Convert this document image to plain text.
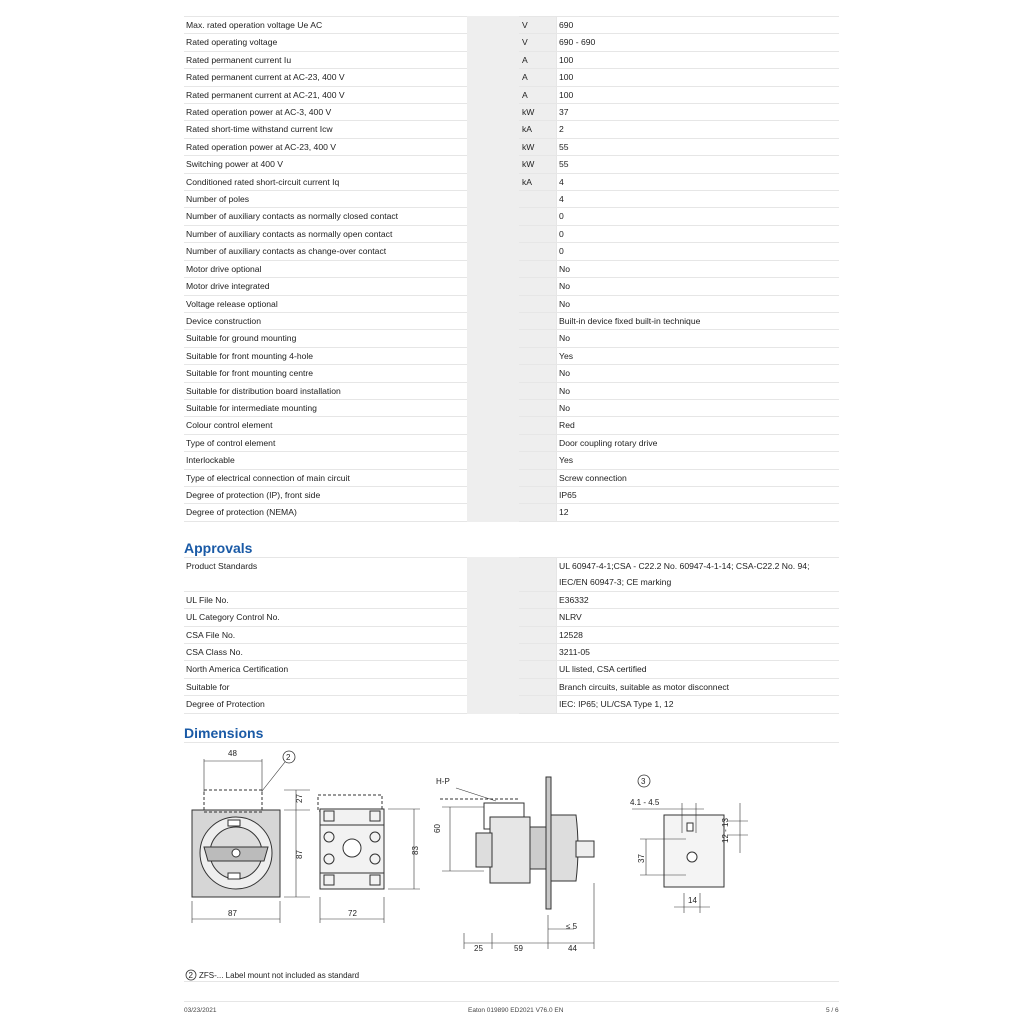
Max. rated operation voltage Ue AC	V	690
Rated operating voltage	V	690 - 690
Rated permanent current Iu	A	100
Rated permanent current at AC-23, 400 V	A	100
Rated permanent current at AC-21, 400 V	A	100
Rated operation power at AC-3, 400 V	kW	37
Rated short-time withstand current Icw	kA	2
Rated operation power at AC-23, 400 V	kW	55
Switching power at 400 V	kW	55
Conditioned rated short-circuit current Iq	kA	4
Number of poles		4
Number of auxiliary contacts as normally closed contact		0
Number of auxiliary contacts as normally open contact		0
Number of auxiliary contacts as change-over contact		0
Motor drive optional		No
Motor drive integrated		No
Voltage release optional		No
Device construction		Built-in device fixed built-in technique
Suitable for ground mounting		No
Suitable for front mounting 4-hole		Yes
Suitable for front mounting centre		No
Suitable for distribution board installation		No
Suitable for intermediate mounting		No
Colour control element		Red
Type of control element		Door coupling rotary drive
Interlockable		Yes
Type of electrical connection of main circuit		Screw connection
Degree of protection (IP), front side		IP65
Degree of protection (NEMA)		12
Approvals
Product Standards		UL 60947-4-1;CSA - C22.2 No. 60947-4-1-14; CSA-C22.2 No. 94; IEC/EN 60947-3; CE marking
UL File No.		E36332
UL Category Control No.		NLRV
CSA File No.		12528
CSA Class No.		3211-05
North America Certification		UL listed, CSA certified
Suitable for		Branch circuits, suitable as motor disconnect
Degree of Protection		IEC: IP65; UL/CSA Type 1, 12
Dimensions
48	2
27
87
87	72
83
H-P
60
25	59	44
≤ 5
3
4.1 - 4.5
12 - 13
37
14
2 ZFS-... Label mount not included as standard
03/23/2021	Eaton 019890 ED2021 V76.0 EN	5 / 6
